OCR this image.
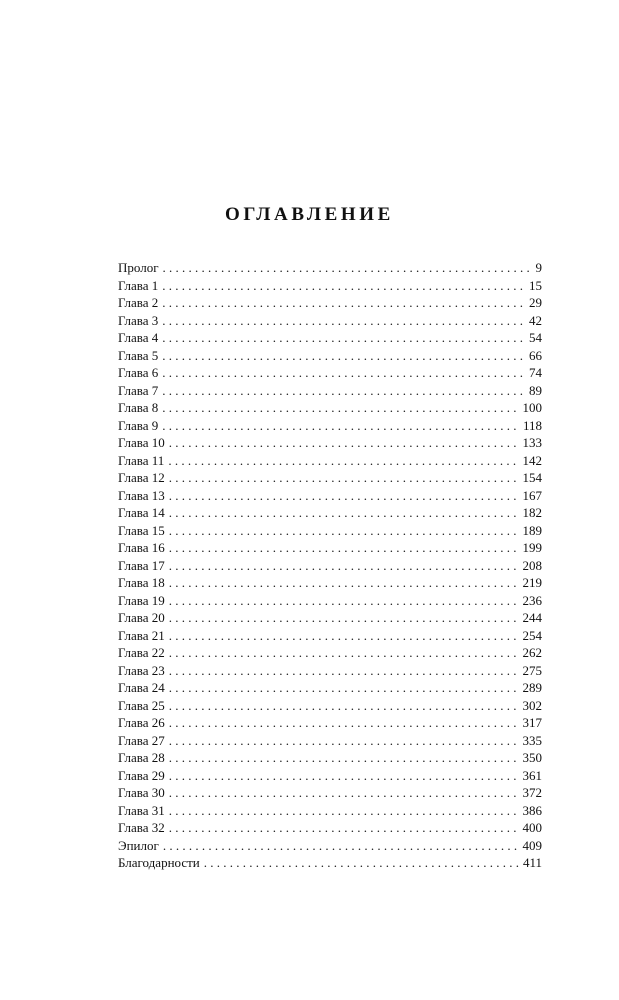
ОГЛАВЛЕНИЕ
Пролог . . .	9
Глава 1 . . .	15
Глава 2 . . .	29
Глава 3 . . .	42
Глава 4 . . .	54
Глава 5 . . .	66
Глава 6 . . .	74
Глава 7 . . .	89
Глава 8 . . .	100
Глава 9 . . .	118
Глава 10 . . .	133
Глава 11 . . .	142
Глава 12 . . .	154
Глава 13 . . .	167
Глава 14 . . .	182
Глава 15 . . .	189
Глава 16 . . .	199
Глава 17 . . .	208
Глава 18 . . .	219
Глава 19 . . .	236
Глава 20 . . .	244
Глава 21 . . .	254
Глава 22 . . .	262
Глава 23 . . .	275
Глава 24 . . .	289
Глава 25 . . .	302
Глава 26 . . .	317
Глава 27 . . .	335
Глава 28 . . .	350
Глава 29 . . .	361
Глава 30 . . .	372
Глава 31 . . .	386
Глава 32 . . .	400
Эпилог . . .	409
Благодарности . . .	411
